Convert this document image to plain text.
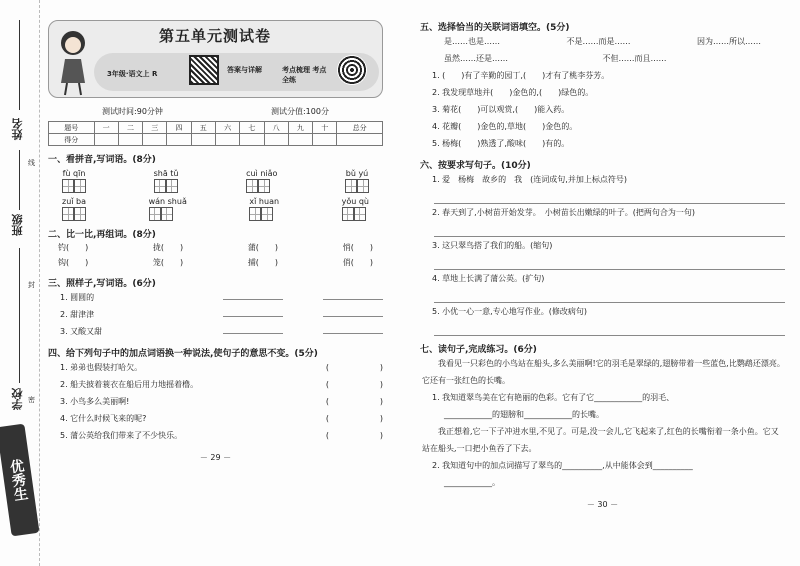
姓名
班级
学校
线
封
密
优秀生
第五单元测试卷
3年级·语文上 R	答案与详解	考点梳理 考点全练
测试时间:90分钟	测试分值:100分
题号	一	二	三	四	五	六	七	八	九	十	总分
得分											
一、看拼音,写词语。(8分)
fù qīn	shā tǔ	cuì niǎo	bǔ yú
zuǐ ba	wán shuǎ	xǐ huan	yǒu qù
二、比一比,再组词。(8分)
钓(　　)	拢(　　)	蒲(　　)	悄(　　)
钩(　　)	笼(　　)	捕(　　)	俏(　　)
三、照样子,写词语。(6分)
1. 圆圆的
2. 甜津津
3. 又酸又甜
四、给下列句子中的加点词语换一种说法,使句子的意思不变。(5分)
1. 弟弟也假装打哈欠。	(                    )
2. 船夫披着蓑衣在船后用力地摇着橹。	(                    )
3. 小鸟多么美丽啊!	(                    )
4. 它什么时候飞来的呢?	(                    )
5. 蒲公英给我们带来了不少快乐。	(                    )
－ 29 －
五、选择恰当的关联词语填空。(5分)
是……也是……	不是……而是……	因为……所以……
虽然……还是……	不但……而且……
1. (　　)有了辛勤的园丁,(　　)才有了桃李芬芳。
2. 我发现草地并(　　)金色的,(　　)绿色的。
3. 菊花(　　)可以观赏,(　　)能入药。
4. 花瓣(　　)金色的,草地(　　)金色的。
5. 杨梅(　　)熟透了,酸味(　　)有的。
六、按要求写句子。(10分)
1. 爱　杨梅　故乡的　我　(连词成句,并加上标点符号)
2. 春天到了,小树苗开始发芽。　小树苗长出嫩绿的叶子。(把两句合为一句)
3. 这只翠鸟搭了我们的船。(缩句)
4. 草地上长满了蒲公英。(扩句)
5. 小优一心一意,专心地写作业。(修改病句)
七、读句子,完成练习。(6分)
我看见一只彩色的小鸟站在船头,多么美丽啊!它的羽毛是翠绿的,翅膀带着一些蓝色,比鹦鹉还漂亮。它还有一张红色的长嘴。
1. 我知道翠鸟美在它有艳丽的色彩。它有了它____________的羽毛、
____________的翅膀和____________的长嘴。
我正想着,它一下子冲进水里,不见了。可是,没一会儿,它飞起来了,红色的长嘴衔着一条小鱼。它又站在船头,一口把小鱼吞了下去。
2. 我知道句中的加点词描写了翠鸟的__________,从中能体会到__________
____________。
－ 30 －
